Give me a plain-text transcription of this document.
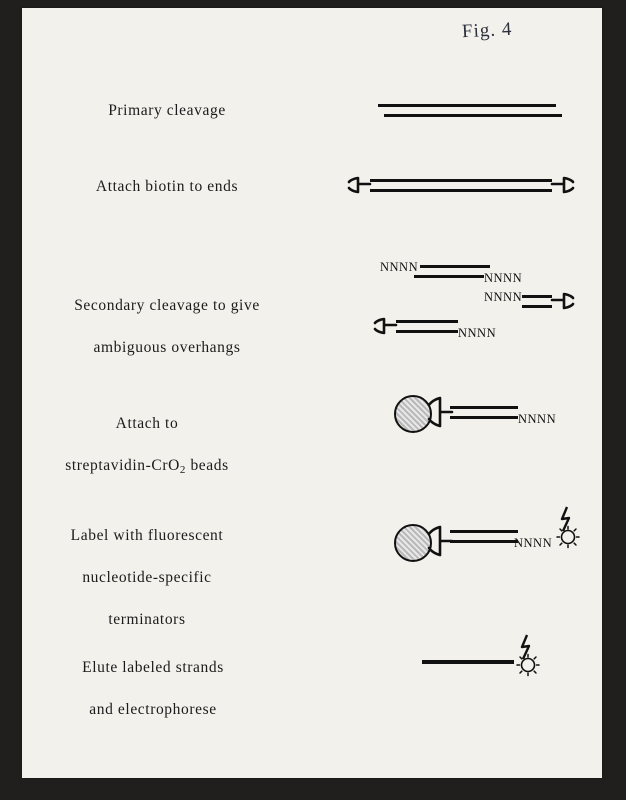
Fig. 4
Primary cleavage
Attach biotin to ends

Secondary cleavage to give

ambiguous overhangs

NNNN
NNNN
NNNN
NNNN

Attach to

streptavidin-CrO$_2$ beads

NNNN

Label with fluorescent

nucleotide-specific

terminators

NNNN

Elute labeled strands

and electrophorese
